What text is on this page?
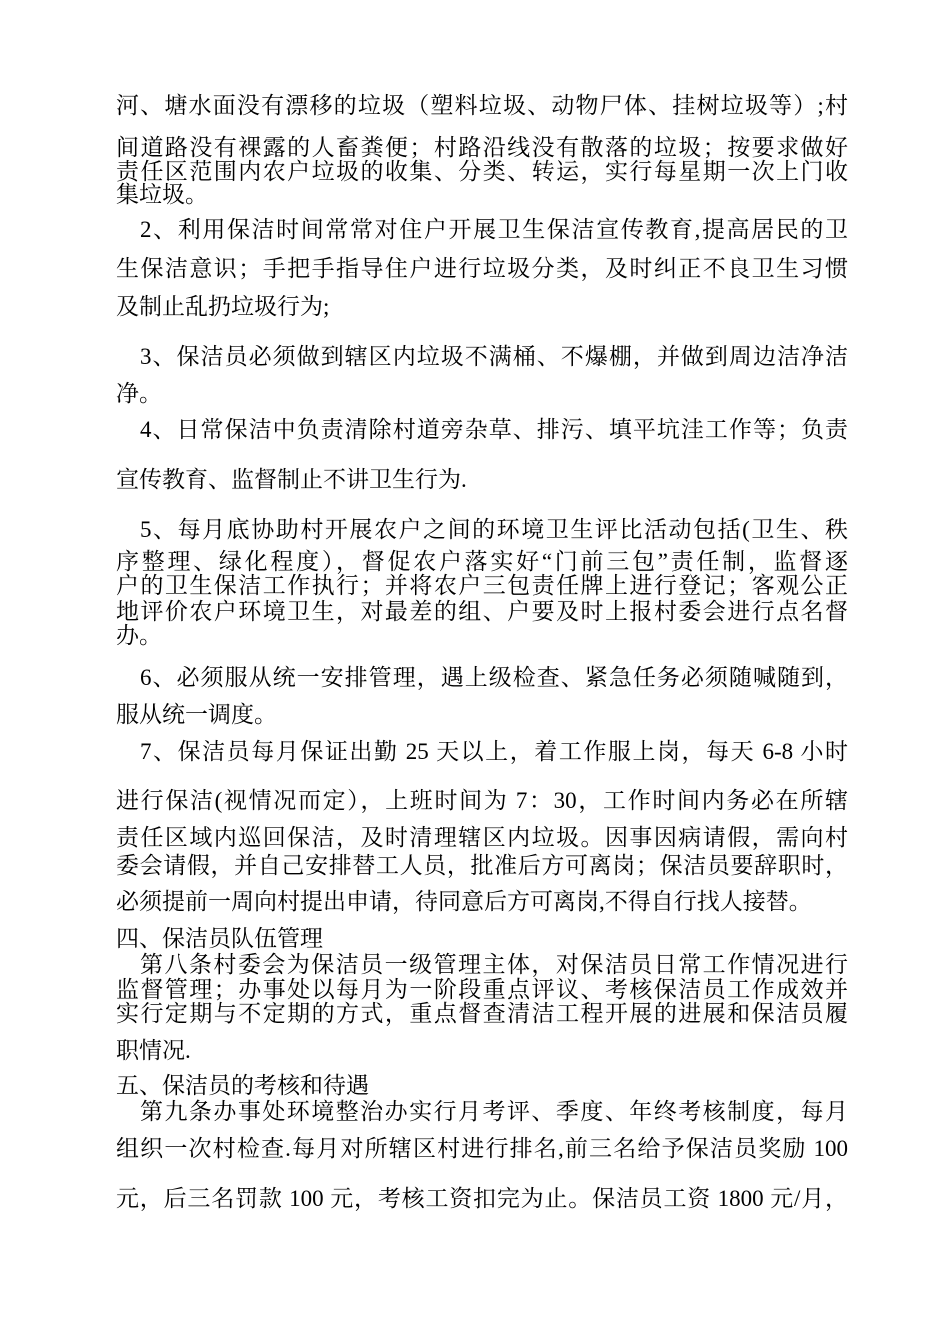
河、塘水面没有漂移的垃圾（塑料垃圾、动物尸体、挂树垃圾等）;村
间道路没有裸露的人畜粪便；村路沿线没有散落的垃圾；按要求做好
责任区范围内农户垃圾的收集、分类、转运，实行每星期一次上门收
集垃圾。
2、利用保洁时间常常对住户开展卫生保洁宣传教育,提高居民的卫
生保洁意识；手把手指导住户进行垃圾分类，及时纠正不良卫生习惯
及制止乱扔垃圾行为;
3、保洁员必须做到辖区内垃圾不满桶、不爆棚，并做到周边洁净洁
净。
4、日常保洁中负责清除村道旁杂草、排污、填平坑洼工作等；负责
宣传教育、监督制止不讲卫生行为.
5、每月底协助村开展农户之间的环境卫生评比活动包括(卫生、秩
序整理、绿化程度），督促农户落实好“门前三包”责任制，监督逐
户的卫生保洁工作执行；并将农户三包责任牌上进行登记；客观公正
地评价农户环境卫生，对最差的组、户要及时上报村委会进行点名督
办。
6、必须服从统一安排管理，遇上级检查、紧急任务必须随喊随到，
服从统一调度。
7、保洁员每月保证出勤 25 天以上，着工作服上岗，每天 6-8 小时
进行保洁(视情况而定），上班时间为 7：30，工作时间内务必在所辖
责任区域内巡回保洁，及时清理辖区内垃圾。因事因病请假，需向村
委会请假，并自己安排替工人员，批准后方可离岗；保洁员要辞职时，
必须提前一周向村提出申请，待同意后方可离岗,不得自行找人接替。
四、保洁员队伍管理
第八条村委会为保洁员一级管理主体，对保洁员日常工作情况进行
监督管理；办事处以每月为一阶段重点评议、考核保洁员工作成效并
实行定期与不定期的方式，重点督查清洁工程开展的进展和保洁员履
职情况.
五、保洁员的考核和待遇
第九条办事处环境整治办实行月考评、季度、年终考核制度，每月
组织一次村检查.每月对所辖区村进行排名,前三名给予保洁员奖励 100
元，后三名罚款 100 元，考核工资扣完为止。保洁员工资 1800 元/月，
